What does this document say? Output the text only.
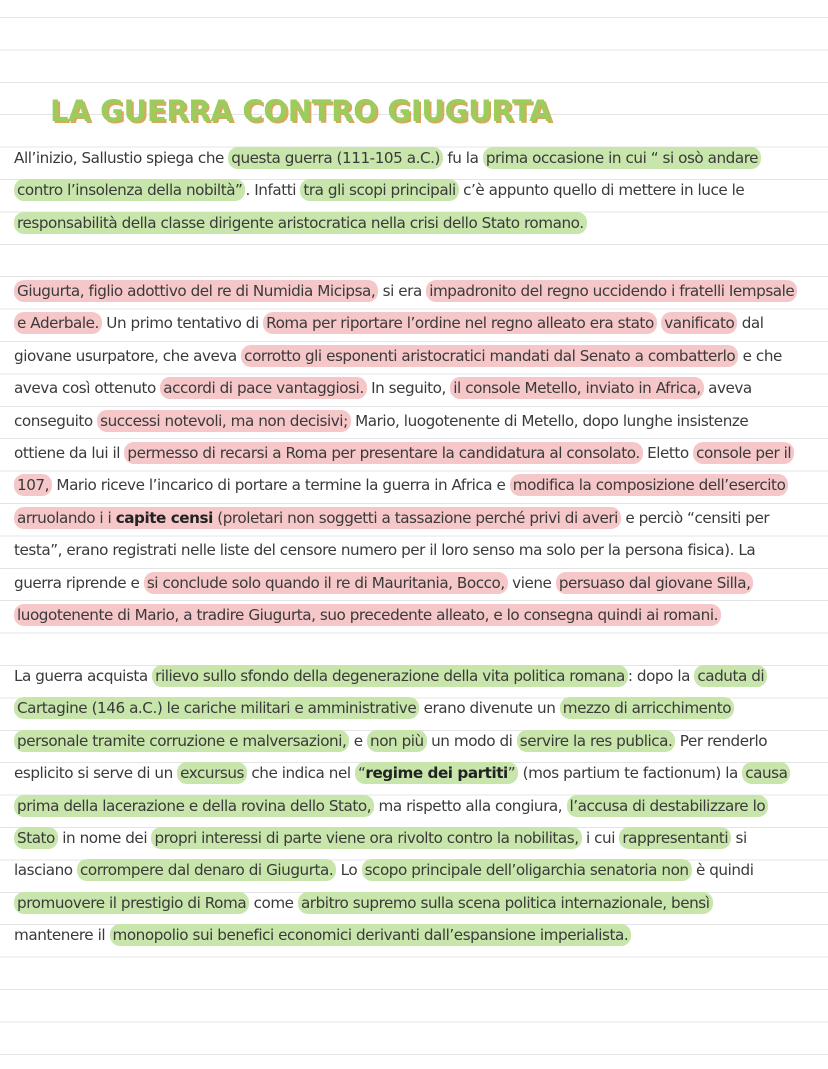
LA GUERRA CONTRO GIUGURTA
All’inizio, Sallustio spiega che questa guerra (111-105 a.C.) fu la prima occasione in cui “ si osò andare
contro l’insolenza della nobiltà” . Infatti tra gli scopi principali c’è appunto quello di mettere in luce le
responsabilità della classe dirigente aristocratica nella crisi dello Stato romano.
Giugurta, figlio adottivo del re di Numidia Micipsa, si era impadronito del regno uccidendo i fratelli Iempsale
e Aderbale. Un primo tentativo di Roma per riportare l’ordine nel regno alleato era stato vanificato dal
giovane usurpatore, che aveva corrotto gli esponenti aristocratici mandati dal Senato a combatterlo e che
aveva così ottenuto accordi di pace vantaggiosi. In seguito, il console Metello, inviato in Africa, aveva
conseguito successi notevoli, ma non decisivi; Mario, luogotenente di Metello, dopo lunghe insistenze
ottiene da lui il permesso di recarsi a Roma per presentare la candidatura al consolato. Eletto console per il
107, Mario riceve l’incarico di portare a termine la guerra in Africa e modifica la composizione dell’esercito
arruolando i i capite censi (proletari non soggetti a tassazione perché privi di averi e perciò “censiti per
testa”, erano registrati nelle liste del censore numero per il loro senso ma solo per la persona fisica). La
guerra riprende e si conclude solo quando il re di Mauritania, Bocco, viene persuaso dal giovane Silla,
luogotenente di Mario, a tradire Giugurta, suo precedente alleato, e lo consegna quindi ai romani.
La guerra acquista rilievo sullo sfondo della degenerazione della vita politica romana : dopo la caduta di
Cartagine (146 a.C.) le cariche militari e amministrative erano divenute un mezzo di arricchimento
personale tramite corruzione e malversazioni, e non più un modo di servire la res publica. Per renderlo
esplicito si serve di un excursus che indica nel “regime dei partiti” (mos partium te factionum) la causa
prima della lacerazione e della rovina dello Stato, ma rispetto alla congiura, l’accusa di destabilizzare lo
Stato in nome dei propri interessi di parte viene ora rivolto contro la nobilitas, i cui rappresentanti si
lasciano corrompere dal denaro di Giugurta. Lo scopo principale dell’oligarchia senatoria non è quindi
promuovere il prestigio di Roma come arbitro supremo sulla scena politica internazionale, bensì
mantenere il monopolio sui benefici economici derivanti dall’espansione imperialista.
